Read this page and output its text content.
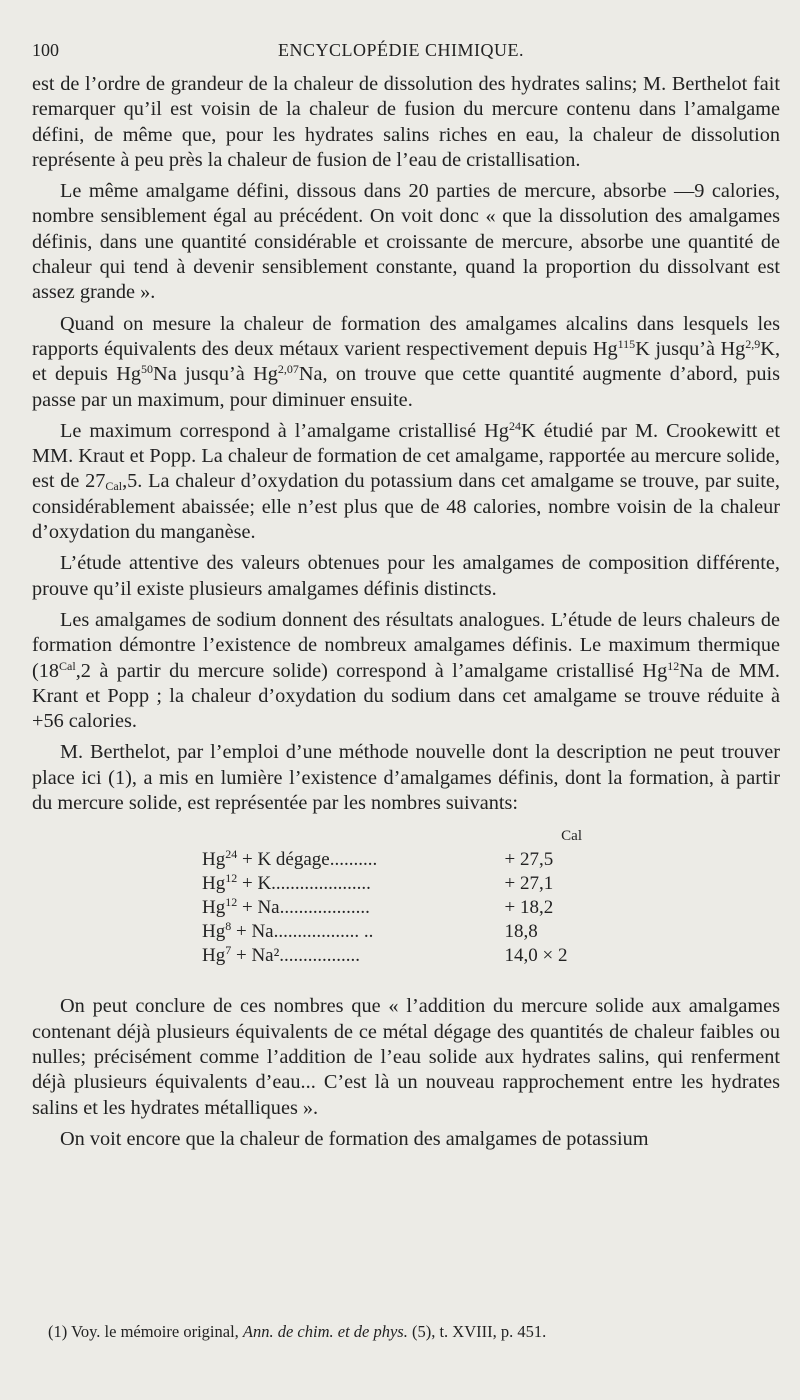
100	ENCYCLOPÉDIE CHIMIQUE.

est de l’ordre de grandeur de la chaleur de dissolution des hydrates salins; M. Berthelot fait remarquer qu’il est voisin de la chaleur de fusion du mercure contenu dans l’amalgame défini, de même que, pour les hydrates salins riches en eau, la chaleur de dissolution représente à peu près la chaleur de fusion de l’eau de cristallisation.

Le même amalgame défini, dissous dans 20 parties de mercure, absorbe —9 calories, nombre sensiblement égal au précédent. On voit donc « que la dissolution des amalgames définis, dans une quantité considérable et croissante de mercure, absorbe une quantité de chaleur qui tend à devenir sensiblement constante, quand la proportion du dissolvant est assez grande ».

Quand on mesure la chaleur de formation des amalgames alcalins dans lesquels les rapports équivalents des deux métaux varient respectivement depuis Hg$^{115}$K jusqu’à Hg$^{2,9}$K, et depuis Hg$^{50}$Na jusqu’à Hg$^{2,07}$Na, on trouve que cette quantité augmente d’abord, puis passe par un maximum, pour diminuer ensuite.

Le maximum correspond à l’amalgame cristallisé Hg$^{24}$K étudié par M. Crookewitt et MM. Kraut et Popp. La chaleur de formation de cet amalgame, rapportée au mercure solide, est de $27_{Cal},5$. La chaleur d’oxydation du potassium dans cet amalgame se trouve, par suite, considérablement abaissée; elle n’est plus que de 48 calories, nombre voisin de la chaleur d’oxydation du manganèse.

L’étude attentive des valeurs obtenues pour les amalgames de composition différente, prouve qu’il existe plusieurs amalgames définis distincts.

Les amalgames de sodium donnent des résultats analogues. L’étude de leurs chaleurs de formation démontre l’existence de nombreux amalgames définis. Le maximum thermique ($18^{Cal},2$ à partir du mercure solide) correspond à l’amalgame cristallisé Hg$^{12}$Na de MM. Krant et Popp ; la chaleur d’oxydation du sodium dans cet amalgame se trouve réduite à +56 calories.

M. Berthelot, par l’emploi d’une méthode nouvelle dont la description ne peut trouver place ici (1), a mis en lumière l’existence d’amalgames définis, dont la formation, à partir du mercure solide, est représentée par les nombres suivants:

Cal
$Hg^{24} + K$ dégage..........	+ 27,5
$Hg^{12} + K$.....................	+ 27,1
$Hg^{12} + Na$...................	+ 18,2
$Hg^8 + Na$.................. ..	18,8
$Hg^7 + Na^2$.................	14,0 × 2

On peut conclure de ces nombres que « l’addition du mercure solide aux amalgames contenant déjà plusieurs équivalents de ce métal dégage des quantités de chaleur faibles ou nulles; précisément comme l’addition de l’eau solide aux hydrates salins, qui renferment déjà plusieurs équivalents d’eau... C’est là un nouveau rapprochement entre les hydrates salins et les hydrates métalliques ».

On voit encore que la chaleur de formation des amalgames de potassium

(1) Voy. le mémoire original, Ann. de chim. et de phys. (5), t. XVIII, p. 451.
